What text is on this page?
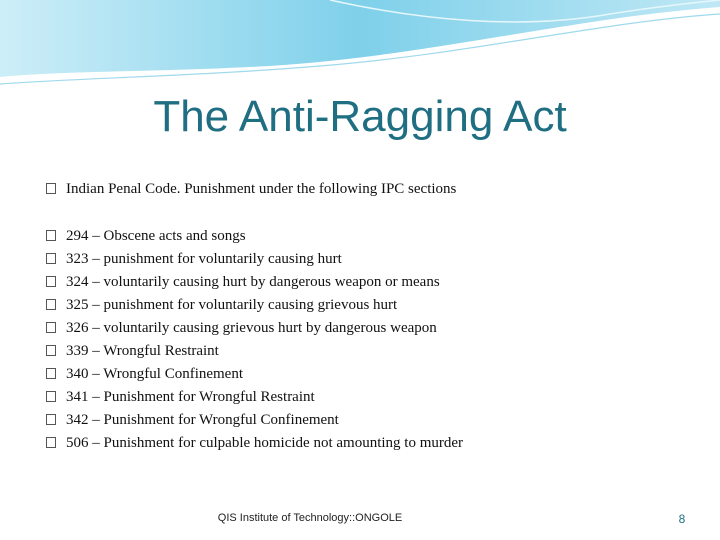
The Anti-Ragging Act
Indian Penal Code. Punishment under the following IPC sections
294 – Obscene acts and songs
323 – punishment for voluntarily causing hurt
324 – voluntarily causing hurt by dangerous weapon or means
325 – punishment for voluntarily causing grievous hurt
326 – voluntarily causing grievous hurt by dangerous weapon
339 – Wrongful Restraint
340 – Wrongful Confinement
341 – Punishment for Wrongful Restraint
342 – Punishment for Wrongful Confinement
506 – Punishment for culpable homicide not amounting to murder
QIS Institute of Technology::ONGOLE	8
